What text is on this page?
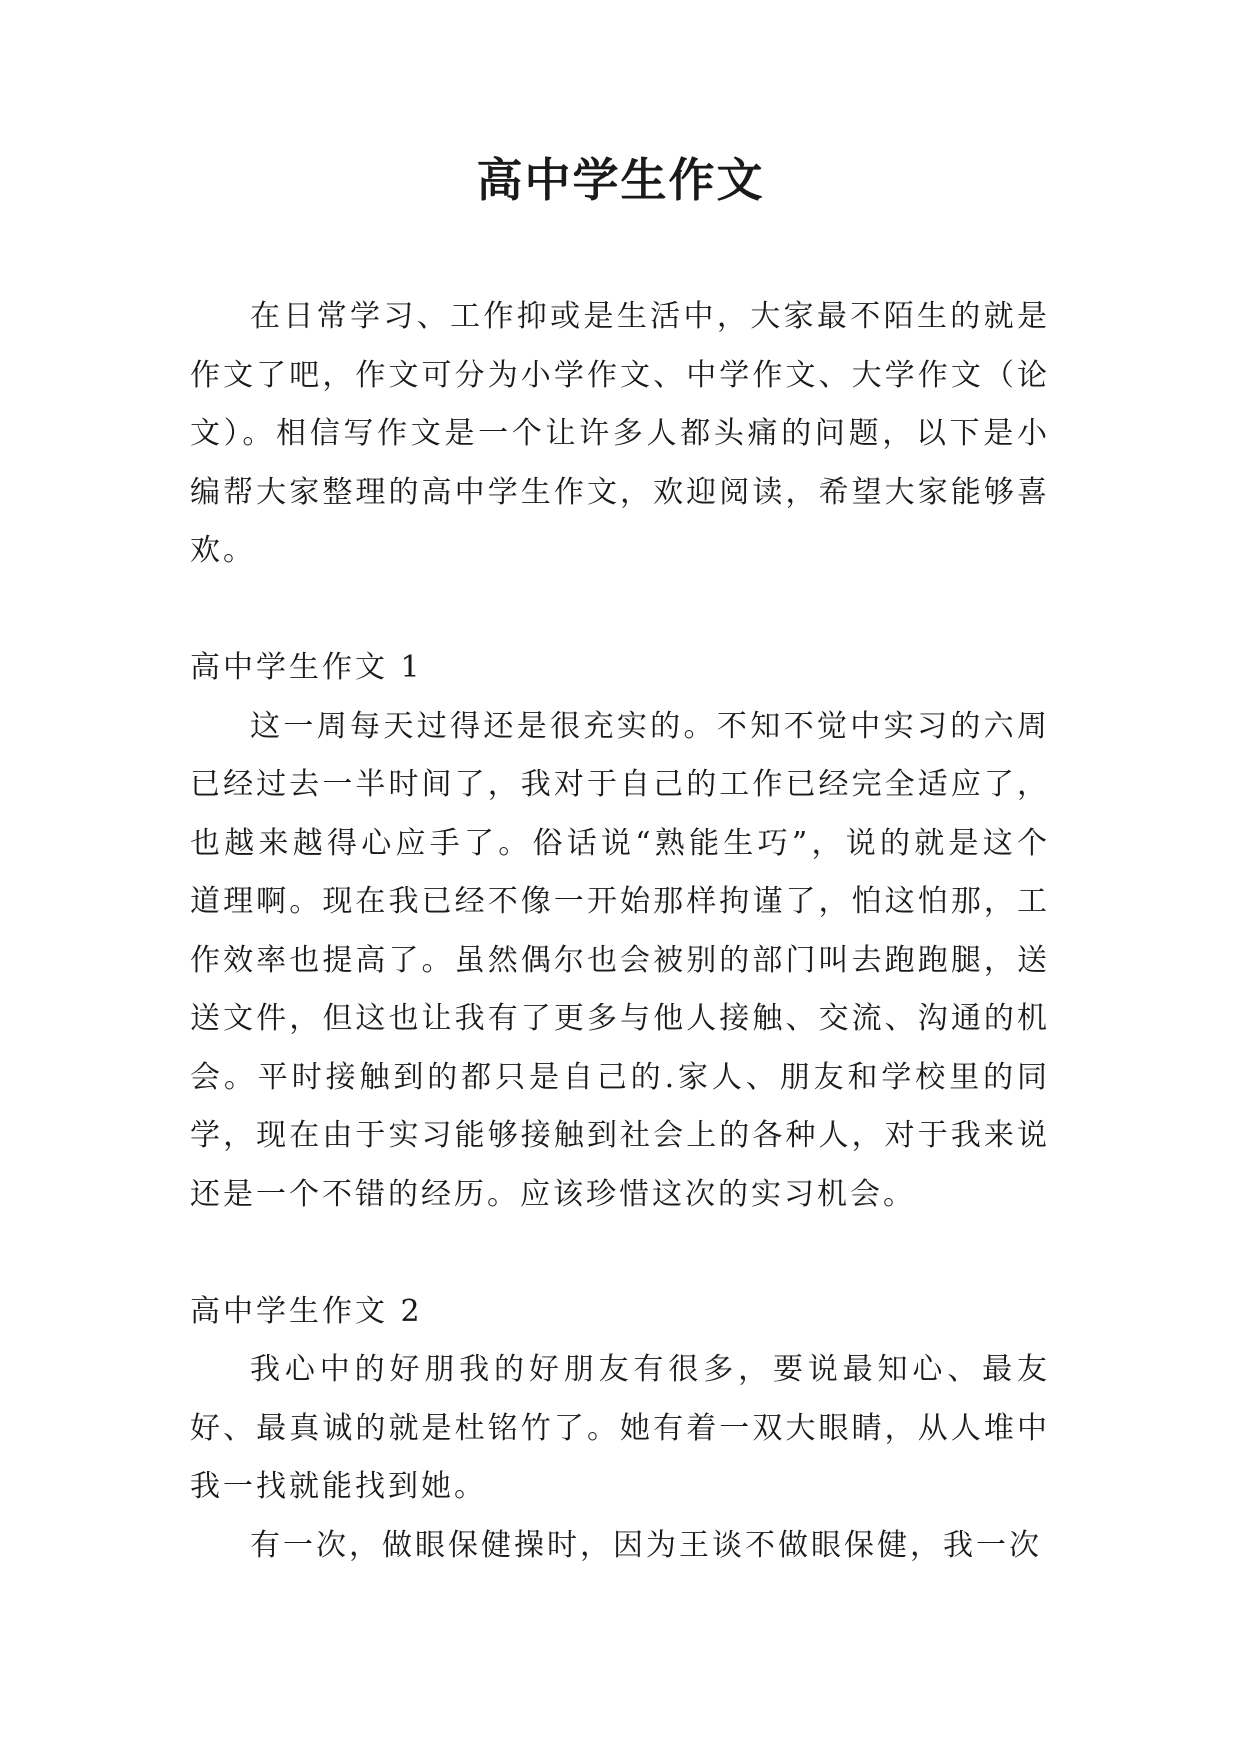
高中学生作文

在日常学习、工作抑或是生活中，大家最不陌生的就是作文了吧，作文可分为小学作文、中学作文、大学作文（论文）。相信写作文是一个让许多人都头痛的问题，以下是小编帮大家整理的高中学生作文，欢迎阅读，希望大家能够喜欢。

高中学生作文 1

这一周每天过得还是很充实的。不知不觉中实习的六周已经过去一半时间了，我对于自己的工作已经完全适应了，也越来越得心应手了。俗话说“熟能生巧”，说的就是这个道理啊。现在我已经不像一开始那样拘谨了，怕这怕那，工作效率也提高了。虽然偶尔也会被别的部门叫去跑跑腿，送送文件，但这也让我有了更多与他人接触、交流、沟通的机会。平时接触到的都只是自己的.家人、朋友和学校里的同学，现在由于实习能够接触到社会上的各种人，对于我来说还是一个不错的经历。应该珍惜这次的实习机会。

高中学生作文 2

我心中的好朋我的好朋友有很多，要说最知心、最友好、最真诚的就是杜铭竹了。她有着一双大眼睛，从人堆中我一找就能找到她。

有一次，做眼保健操时，因为王谈不做眼保健，我一次
